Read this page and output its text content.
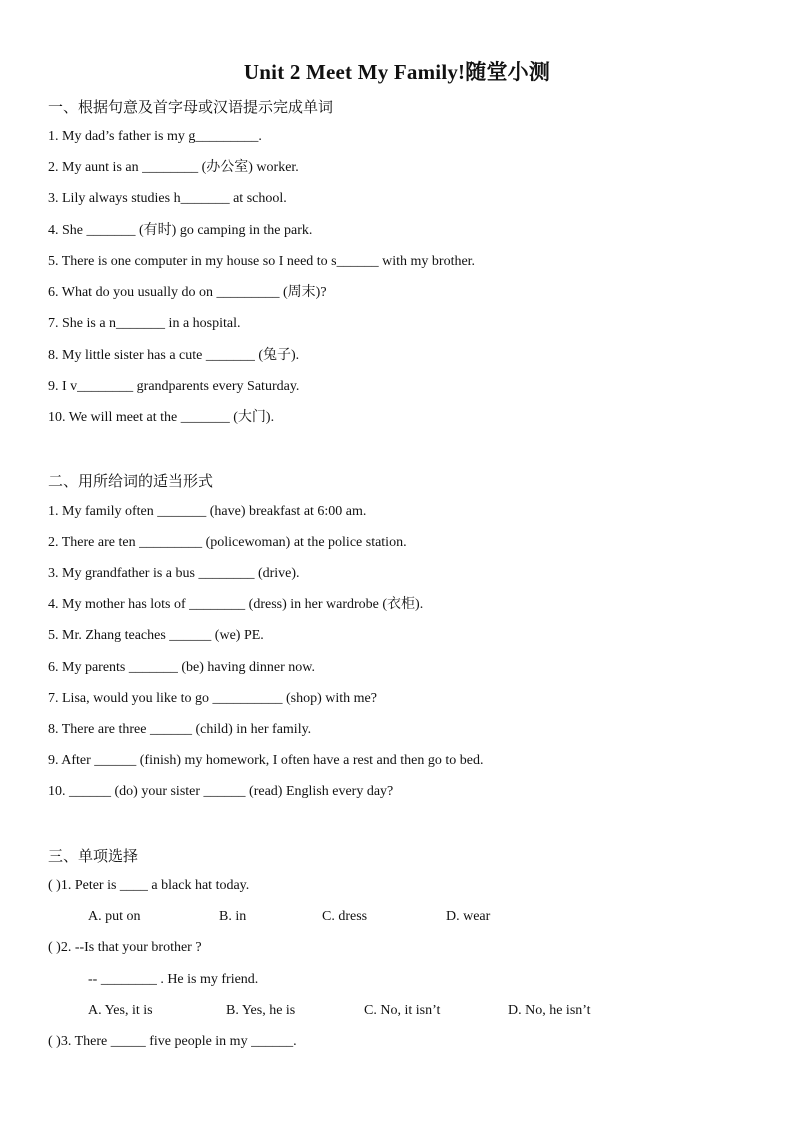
Unit 2 Meet My Family!随堂小测
一、根据句意及首字母或汉语提示完成单词
1. My dad’s father is my g_________.
2. My aunt is an ________ (办公室) worker.
3. Lily always studies h_______ at school.
4. She _______ (有时) go camping in the park.
5. There is one computer in my house so I need to s______ with my brother.
6. What do you usually do on _________ (周末)?
7. She is a n_______ in a hospital.
8. My little sister has a cute _______ (兔子).
9. I v________ grandparents every Saturday.
10. We will meet at the _______ (大门).
二、用所给词的适当形式
1. My family often _______ (have) breakfast at 6:00 am.
2. There are ten _________ (policewoman) at the police station.
3. My grandfather is a bus ________ (drive).
4. My mother has lots of ________ (dress) in her wardrobe (衣柜).
5. Mr. Zhang teaches ______ (we) PE.
6. My parents _______ (be) having dinner now.
7. Lisa, would you like to go __________ (shop) with me?
8. There are three ______ (child) in her family.
9. After ______ (finish) my homework, I often have a rest and then go to bed.
10. ______ (do) your sister ______ (read) English every day?
三、单项选择
( )1. Peter is ____ a black hat today.
A. put on	B. in	C. dress	D. wear
( )2. --Is that your brother ?
-- ________ . He is my friend.
A. Yes, it is	B. Yes, he is	C. No, it isn’t	D. No, he isn’t
( )3. There _____ five people in my ______.
